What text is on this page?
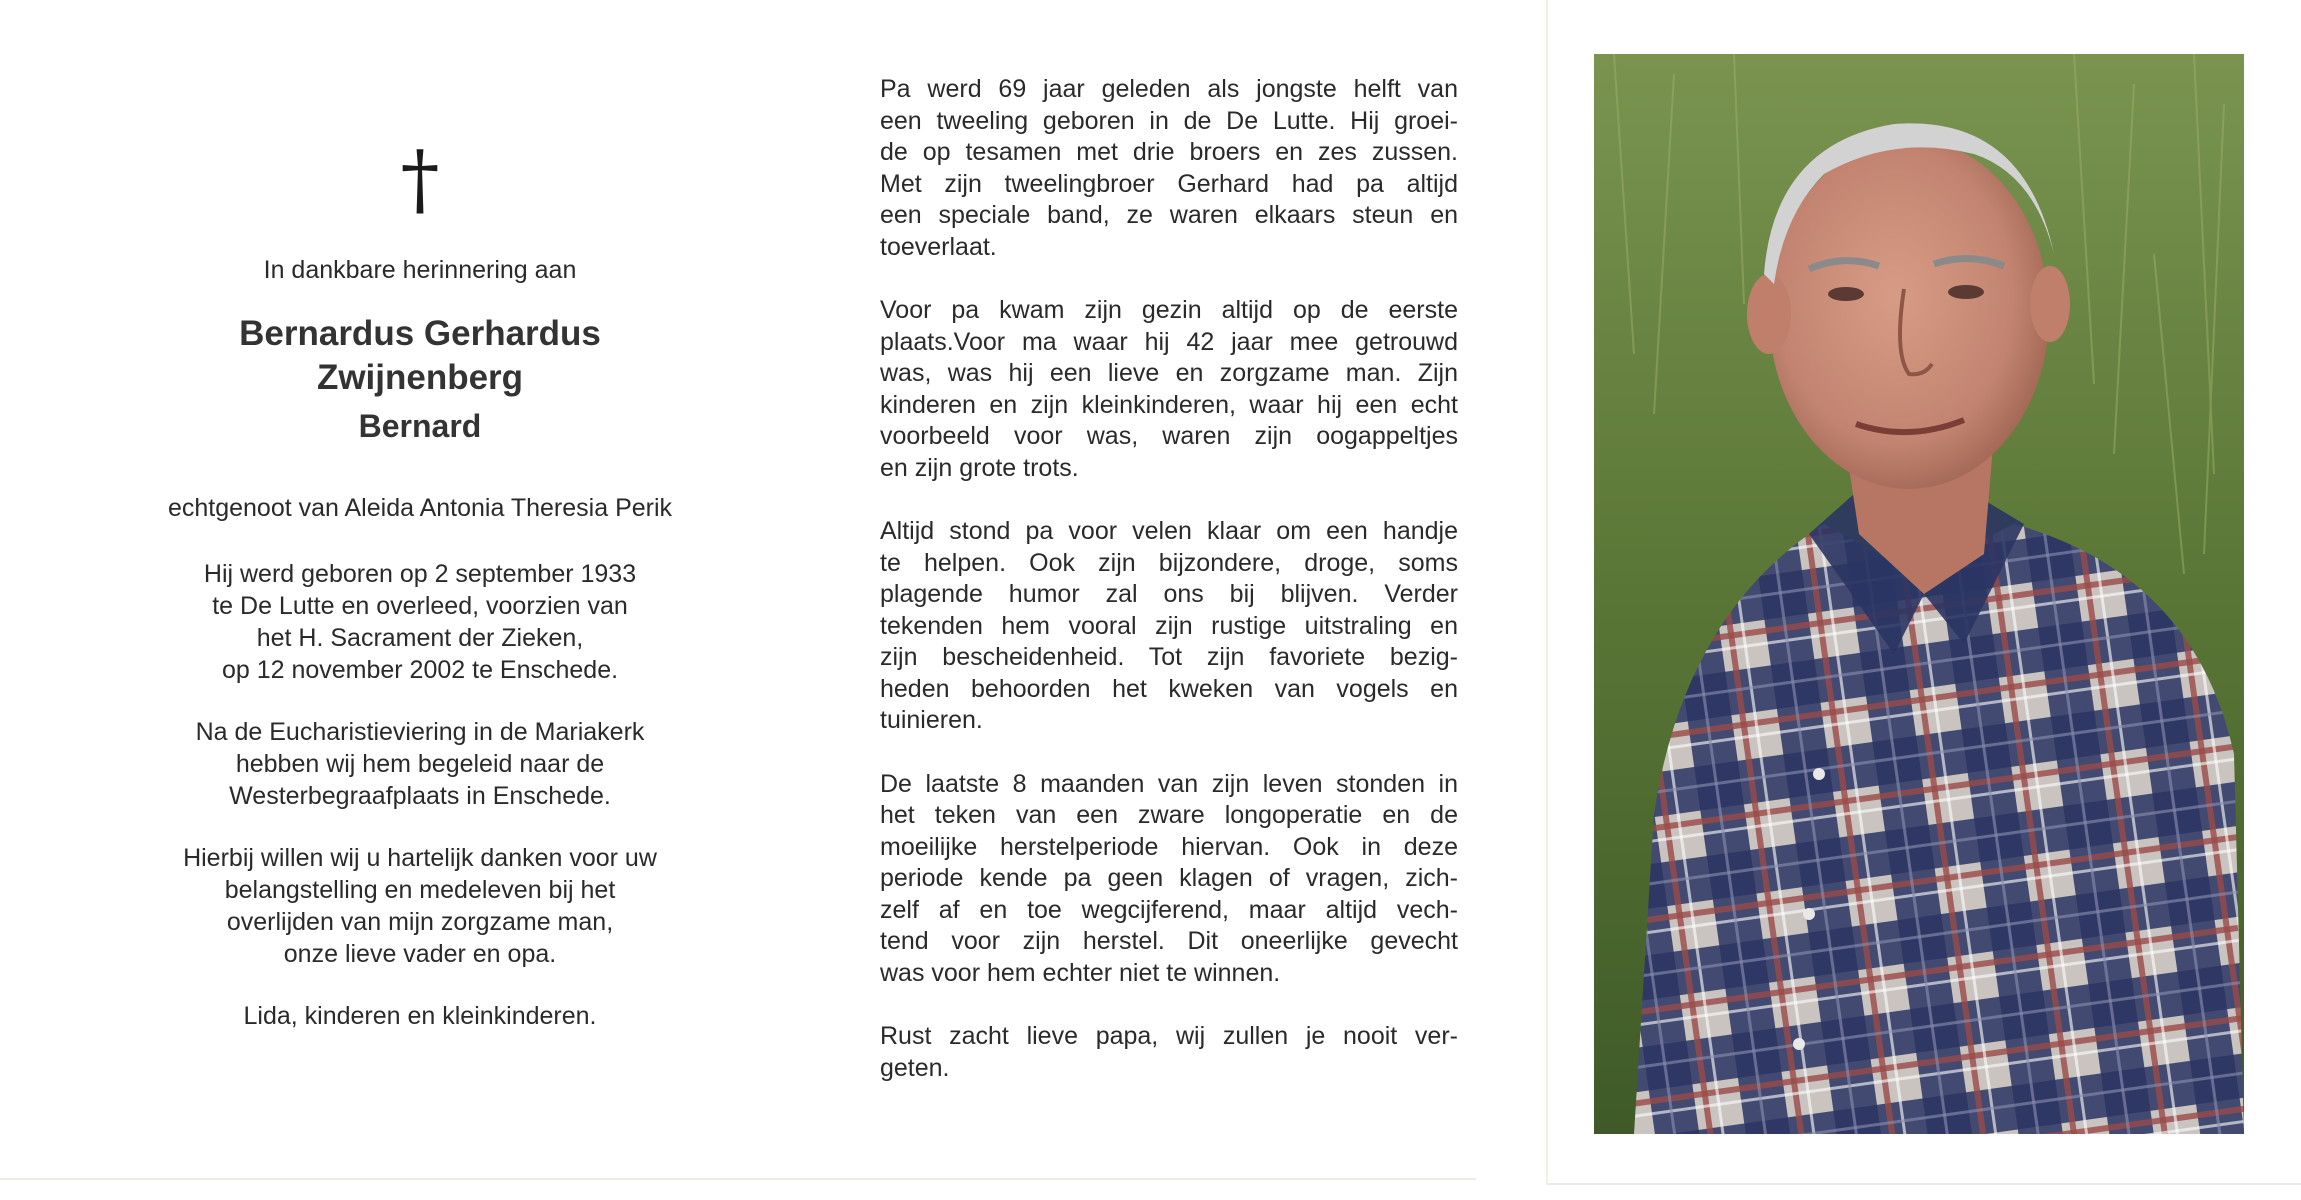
†
In dankbare herinnering aan
Bernardus Gerhardus
Zwijnenberg
Bernard
echtgenoot van Aleida Antonia Theresia Perik
Hij werd geboren op 2 september 1933
te De Lutte en overleed, voorzien van
het H. Sacrament der Zieken,
op 12 november 2002 te Enschede.
Na de Eucharistieviering in de Mariakerk
hebben wij hem begeleid naar de
Westerbegraafplaats in Enschede.
Hierbij willen wij u hartelijk danken voor uw
belangstelling en medeleven bij het
overlijden van mijn zorgzame man,
onze lieve vader en opa.
Lida, kinderen en kleinkinderen.

Pa werd 69 jaar geleden als jongste helft van
een tweeling geboren in de De Lutte. Hij groei-
de op tesamen met drie broers en zes zussen.
Met zijn tweelingbroer Gerhard had pa altijd
een speciale band, ze waren elkaars steun en
toeverlaat.

Voor pa kwam zijn gezin altijd op de eerste
plaats.Voor ma waar hij 42 jaar mee getrouwd
was, was hij een lieve en zorgzame man. Zijn
kinderen en zijn kleinkinderen, waar hij een echt
voorbeeld voor was, waren zijn oogappeltjes
en zijn grote trots.

Altijd stond pa voor velen klaar om een handje
te helpen. Ook zijn bijzondere, droge, soms
plagende humor zal ons bij blijven. Verder
tekenden hem vooral zijn rustige uitstraling en
zijn bescheidenheid. Tot zijn favoriete bezig-
heden behoorden het kweken van vogels en
tuinieren.

De laatste 8 maanden van zijn leven stonden in
het teken van een zware longoperatie en de
moeilijke herstelperiode hiervan. Ook in deze
periode kende pa geen klagen of vragen, zich-
zelf af en toe wegcijferend, maar altijd vech-
tend voor zijn herstel. Dit oneerlijke gevecht
was voor hem echter niet te winnen.

Rust zacht lieve papa, wij zullen je nooit ver-
geten.
